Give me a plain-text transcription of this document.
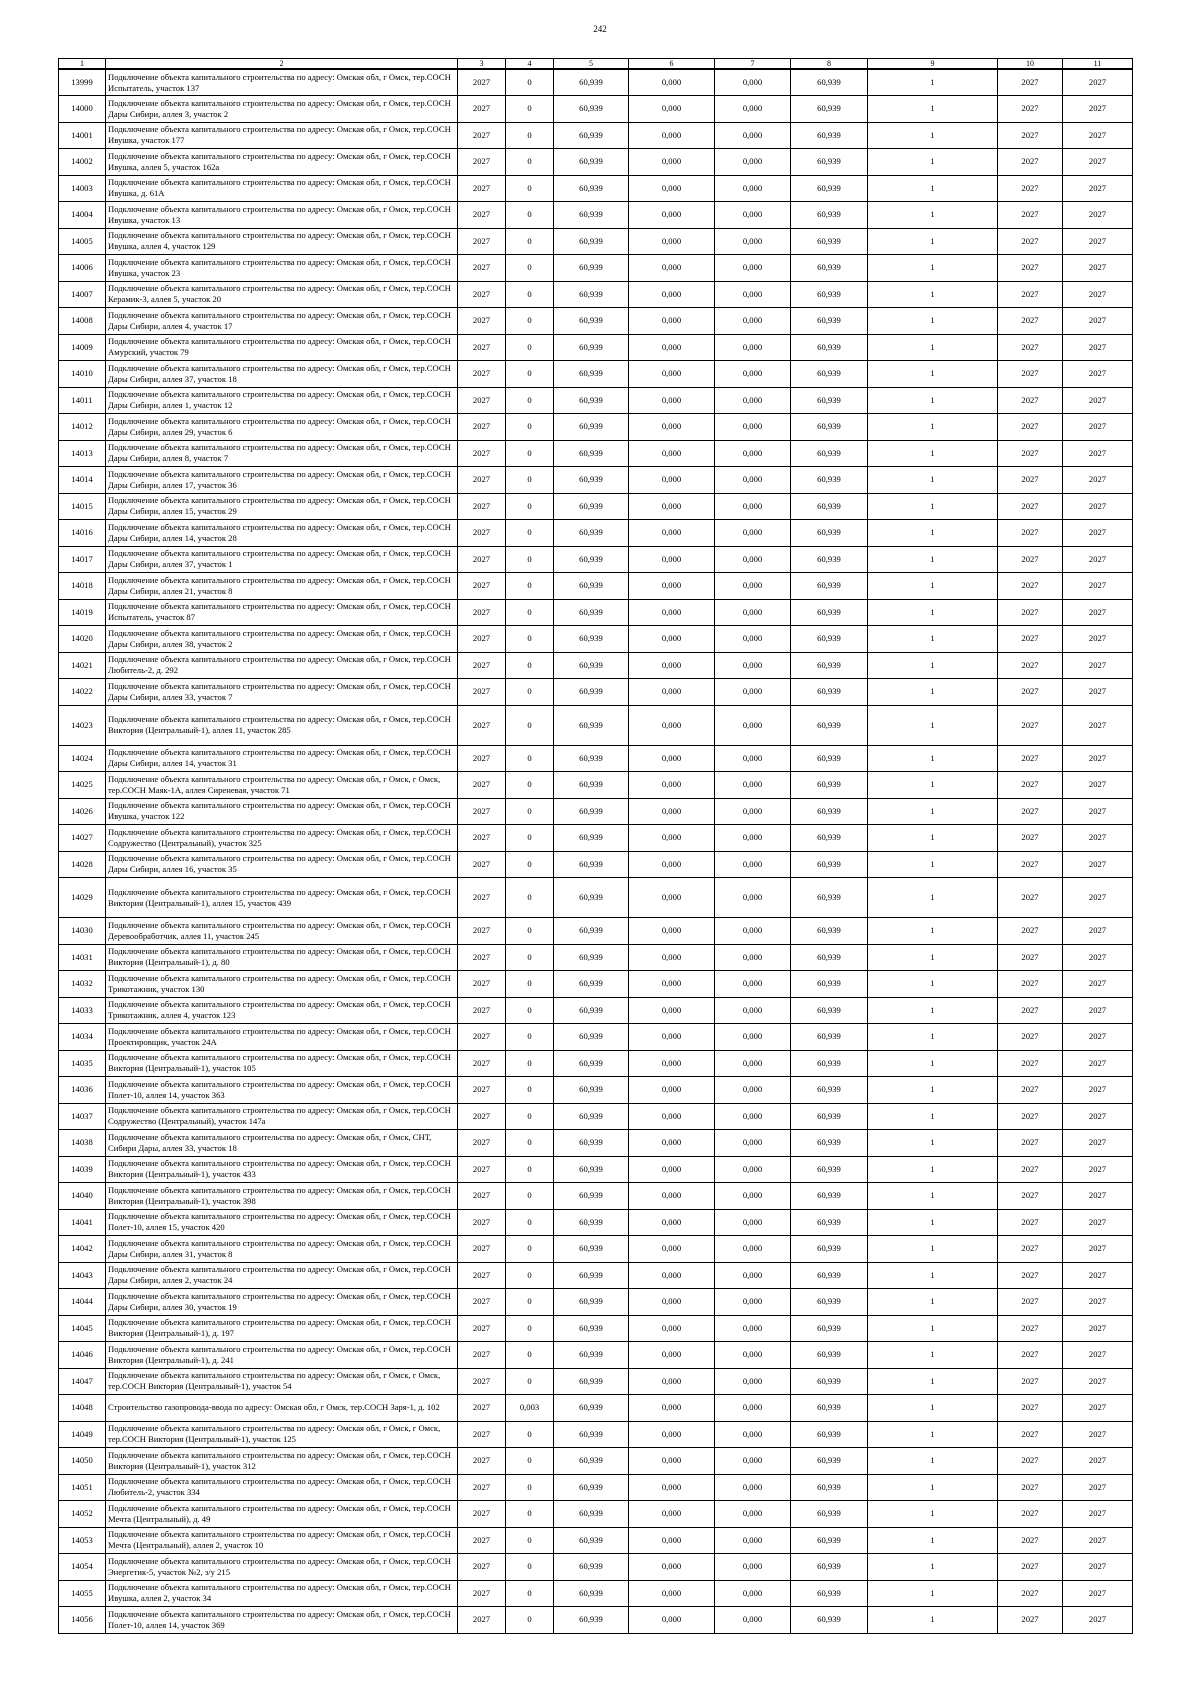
242
1	2	3	4	5	6	7	8	9	10	11
13999	Подключение объекта капитального строительства по адресу: Омская обл, г Омск, тер.СОСН Испытатель, участок 137	2027	0	60,939	0,000	0,000	60,939	1	2027	2027
14000	Подключение объекта капитального строительства по адресу: Омская обл, г Омск, тер.СОСН Дары Сибири, аллея 3, участок 2	2027	0	60,939	0,000	0,000	60,939	1	2027	2027
14001	Подключение объекта капитального строительства по адресу: Омская обл, г Омск, тер.СОСН Ивушка, участок 177	2027	0	60,939	0,000	0,000	60,939	1	2027	2027
14002	Подключение объекта капитального строительства по адресу: Омская обл, г Омск, тер.СОСН Ивушка, аллея 5, участок 162а	2027	0	60,939	0,000	0,000	60,939	1	2027	2027
14003	Подключение объекта капитального строительства по адресу: Омская обл, г Омск, тер.СОСН Ивушка, д. 61А	2027	0	60,939	0,000	0,000	60,939	1	2027	2027
14004	Подключение объекта капитального строительства по адресу: Омская обл, г Омск, тер.СОСН Ивушка, участок 13	2027	0	60,939	0,000	0,000	60,939	1	2027	2027
14005	Подключение объекта капитального строительства по адресу: Омская обл, г Омск, тер.СОСН Ивушка, аллея 4, участок 129	2027	0	60,939	0,000	0,000	60,939	1	2027	2027
14006	Подключение объекта капитального строительства по адресу: Омская обл, г Омск, тер.СОСН Ивушка, участок 23	2027	0	60,939	0,000	0,000	60,939	1	2027	2027
14007	Подключение объекта капитального строительства по адресу: Омская обл, г Омск, тер.СОСН Керамик-3, аллея 5, участок 20	2027	0	60,939	0,000	0,000	60,939	1	2027	2027
14008	Подключение объекта капитального строительства по адресу: Омская обл, г Омск, тер.СОСН Дары Сибири, аллея 4, участок 17	2027	0	60,939	0,000	0,000	60,939	1	2027	2027
14009	Подключение объекта капитального строительства по адресу: Омская обл, г Омск, тер.СОСН Амурский, участок 79	2027	0	60,939	0,000	0,000	60,939	1	2027	2027
14010	Подключение объекта капитального строительства по адресу: Омская обл, г Омск, тер.СОСН Дары Сибири, аллея 37, участок 18	2027	0	60,939	0,000	0,000	60,939	1	2027	2027
14011	Подключение объекта капитального строительства по адресу: Омская обл, г Омск, тер.СОСН Дары Сибири, аллея 1, участок 12	2027	0	60,939	0,000	0,000	60,939	1	2027	2027
14012	Подключение объекта капитального строительства по адресу: Омская обл, г Омск, тер.СОСН Дары Сибири, аллея 29, участок 6	2027	0	60,939	0,000	0,000	60,939	1	2027	2027
14013	Подключение объекта капитального строительства по адресу: Омская обл, г Омск, тер.СОСН Дары Сибири, аллея 8, участок 7	2027	0	60,939	0,000	0,000	60,939	1	2027	2027
14014	Подключение объекта капитального строительства по адресу: Омская обл, г Омск, тер.СОСН Дары Сибири, аллея 17, участок 36	2027	0	60,939	0,000	0,000	60,939	1	2027	2027
14015	Подключение объекта капитального строительства по адресу: Омская обл, г Омск, тер.СОСН Дары Сибири, аллея 15, участок 29	2027	0	60,939	0,000	0,000	60,939	1	2027	2027
14016	Подключение объекта капитального строительства по адресу: Омская обл, г Омск, тер.СОСН Дары Сибири, аллея 14, участок 28	2027	0	60,939	0,000	0,000	60,939	1	2027	2027
14017	Подключение объекта капитального строительства по адресу: Омская обл, г Омск, тер.СОСН Дары Сибири, аллея 37, участок 1	2027	0	60,939	0,000	0,000	60,939	1	2027	2027
14018	Подключение объекта капитального строительства по адресу: Омская обл, г Омск, тер.СОСН Дары Сибири, аллея 21, участок 8	2027	0	60,939	0,000	0,000	60,939	1	2027	2027
14019	Подключение объекта капитального строительства по адресу: Омская обл, г Омск, тер.СОСН Испытатель, участок 87	2027	0	60,939	0,000	0,000	60,939	1	2027	2027
14020	Подключение объекта капитального строительства по адресу: Омская обл, г Омск, тер.СОСН Дары Сибири, аллея 38, участок 2	2027	0	60,939	0,000	0,000	60,939	1	2027	2027
14021	Подключение объекта капитального строительства по адресу: Омская обл, г Омск, тер.СОСН Любитель-2, д. 292	2027	0	60,939	0,000	0,000	60,939	1	2027	2027
14022	Подключение объекта капитального строительства по адресу: Омская обл, г Омск, тер.СОСН Дары Сибири, аллея 33, участок 7	2027	0	60,939	0,000	0,000	60,939	1	2027	2027
14023	Подключение объекта капитального строительства по адресу: Омская обл, г Омск, тер.СОСН Виктория (Центральный-1), аллея 11, участок 285	2027	0	60,939	0,000	0,000	60,939	1	2027	2027
14024	Подключение объекта капитального строительства по адресу: Омская обл, г Омск, тер.СОСН Дары Сибири, аллея 14, участок 31	2027	0	60,939	0,000	0,000	60,939	1	2027	2027
14025	Подключение объекта капитального строительства по адресу: Омская обл, г Омск, г Омск, тер.СОСН Маяк-1А, аллея Сиреневая, участок 71	2027	0	60,939	0,000	0,000	60,939	1	2027	2027
14026	Подключение объекта капитального строительства по адресу: Омская обл, г Омск, тер.СОСН Ивушка, участок 122	2027	0	60,939	0,000	0,000	60,939	1	2027	2027
14027	Подключение объекта капитального строительства по адресу: Омская обл, г Омск, тер.СОСН Содружество (Центральный), участок 325	2027	0	60,939	0,000	0,000	60,939	1	2027	2027
14028	Подключение объекта капитального строительства по адресу: Омская обл, г Омск, тер.СОСН Дары Сибири, аллея 16, участок 35	2027	0	60,939	0,000	0,000	60,939	1	2027	2027
14029	Подключение объекта капитального строительства по адресу: Омская обл, г Омск, тер.СОСН Виктория (Центральный-1), аллея 15, участок 439	2027	0	60,939	0,000	0,000	60,939	1	2027	2027
14030	Подключение объекта капитального строительства по адресу: Омская обл, г Омск, тер.СОСН Деревообработчик, аллея 11, участок 245	2027	0	60,939	0,000	0,000	60,939	1	2027	2027
14031	Подключение объекта капитального строительства по адресу: Омская обл, г Омск, тер.СОСН Виктория (Центральный-1), д. 80	2027	0	60,939	0,000	0,000	60,939	1	2027	2027
14032	Подключение объекта капитального строительства по адресу: Омская обл, г Омск, тер.СОСН Трикотажник, участок 130	2027	0	60,939	0,000	0,000	60,939	1	2027	2027
14033	Подключение объекта капитального строительства по адресу: Омская обл, г Омск, тер.СОСН Трикотажник, аллея 4, участок 123	2027	0	60,939	0,000	0,000	60,939	1	2027	2027
14034	Подключение объекта капитального строительства по адресу: Омская обл, г Омск, тер.СОСН Проектировщик, участок 24А	2027	0	60,939	0,000	0,000	60,939	1	2027	2027
14035	Подключение объекта капитального строительства по адресу: Омская обл, г Омск, тер.СОСН Виктория (Центральный-1), участок 105	2027	0	60,939	0,000	0,000	60,939	1	2027	2027
14036	Подключение объекта капитального строительства по адресу: Омская обл, г Омск, тер.СОСН Полет-10, аллея 14, участок 363	2027	0	60,939	0,000	0,000	60,939	1	2027	2027
14037	Подключение объекта капитального строительства по адресу: Омская обл, г Омск, тер.СОСН Содружество (Центральный), участок 147а	2027	0	60,939	0,000	0,000	60,939	1	2027	2027
14038	Подключение объекта капитального строительства по адресу: Омская обл, г Омск, СНТ, Сибири Дары, аллея 33, участок 18	2027	0	60,939	0,000	0,000	60,939	1	2027	2027
14039	Подключение объекта капитального строительства по адресу: Омская обл, г Омск, тер.СОСН Виктория (Центральный-1), участок 433	2027	0	60,939	0,000	0,000	60,939	1	2027	2027
14040	Подключение объекта капитального строительства по адресу: Омская обл, г Омск, тер.СОСН Виктория (Центральный-1), участок 398	2027	0	60,939	0,000	0,000	60,939	1	2027	2027
14041	Подключение объекта капитального строительства по адресу: Омская обл, г Омск, тер.СОСН Полет-10, аллея 15, участок 420	2027	0	60,939	0,000	0,000	60,939	1	2027	2027
14042	Подключение объекта капитального строительства по адресу: Омская обл, г Омск, тер.СОСН Дары Сибири, аллея 31, участок 8	2027	0	60,939	0,000	0,000	60,939	1	2027	2027
14043	Подключение объекта капитального строительства по адресу: Омская обл, г Омск, тер.СОСН Дары Сибири, аллея 2, участок 24	2027	0	60,939	0,000	0,000	60,939	1	2027	2027
14044	Подключение объекта капитального строительства по адресу: Омская обл, г Омск, тер.СОСН Дары Сибири, аллея 30, участок 19	2027	0	60,939	0,000	0,000	60,939	1	2027	2027
14045	Подключение объекта капитального строительства по адресу: Омская обл, г Омск, тер.СОСН Виктория (Центральный-1), д. 197	2027	0	60,939	0,000	0,000	60,939	1	2027	2027
14046	Подключение объекта капитального строительства по адресу: Омская обл, г Омск, тер.СОСН Виктория (Центральный-1), д. 241	2027	0	60,939	0,000	0,000	60,939	1	2027	2027
14047	Подключение объекта капитального строительства по адресу: Омская обл, г Омск, г Омск, тер.СОСН Виктория (Центральный-1), участок 54	2027	0	60,939	0,000	0,000	60,939	1	2027	2027
14048	Строительство газопровода-ввода по адресу: Омская обл, г Омск, тер.СОСН Заря-1, д. 102	2027	0,003	60,939	0,000	0,000	60,939	1	2027	2027
14049	Подключение объекта капитального строительства по адресу: Омская обл, г Омск, г Омск, тер.СОСН Виктория (Центральный-1), участок 125	2027	0	60,939	0,000	0,000	60,939	1	2027	2027
14050	Подключение объекта капитального строительства по адресу: Омская обл, г Омск, тер.СОСН Виктория (Центральный-1), участок 312	2027	0	60,939	0,000	0,000	60,939	1	2027	2027
14051	Подключение объекта капитального строительства по адресу: Омская обл, г Омск, тер.СОСН Любитель-2, участок 334	2027	0	60,939	0,000	0,000	60,939	1	2027	2027
14052	Подключение объекта капитального строительства по адресу: Омская обл, г Омск, тер.СОСН Мечта (Центральный), д. 49	2027	0	60,939	0,000	0,000	60,939	1	2027	2027
14053	Подключение объекта капитального строительства по адресу: Омская обл, г Омск, тер.СОСН Мечта (Центральный), аллея 2, участок 10	2027	0	60,939	0,000	0,000	60,939	1	2027	2027
14054	Подключение объекта капитального строительства по адресу: Омская обл, г Омск, тер.СОСН Энергетик-5, участок №2, з/у 215	2027	0	60,939	0,000	0,000	60,939	1	2027	2027
14055	Подключение объекта капитального строительства по адресу: Омская обл, г Омск, тер.СОСН Ивушка, аллея 2, участок 34	2027	0	60,939	0,000	0,000	60,939	1	2027	2027
14056	Подключение объекта капитального строительства по адресу: Омская обл, г Омск, тер.СОСН Полет-10, аллея 14, участок 369	2027	0	60,939	0,000	0,000	60,939	1	2027	2027
